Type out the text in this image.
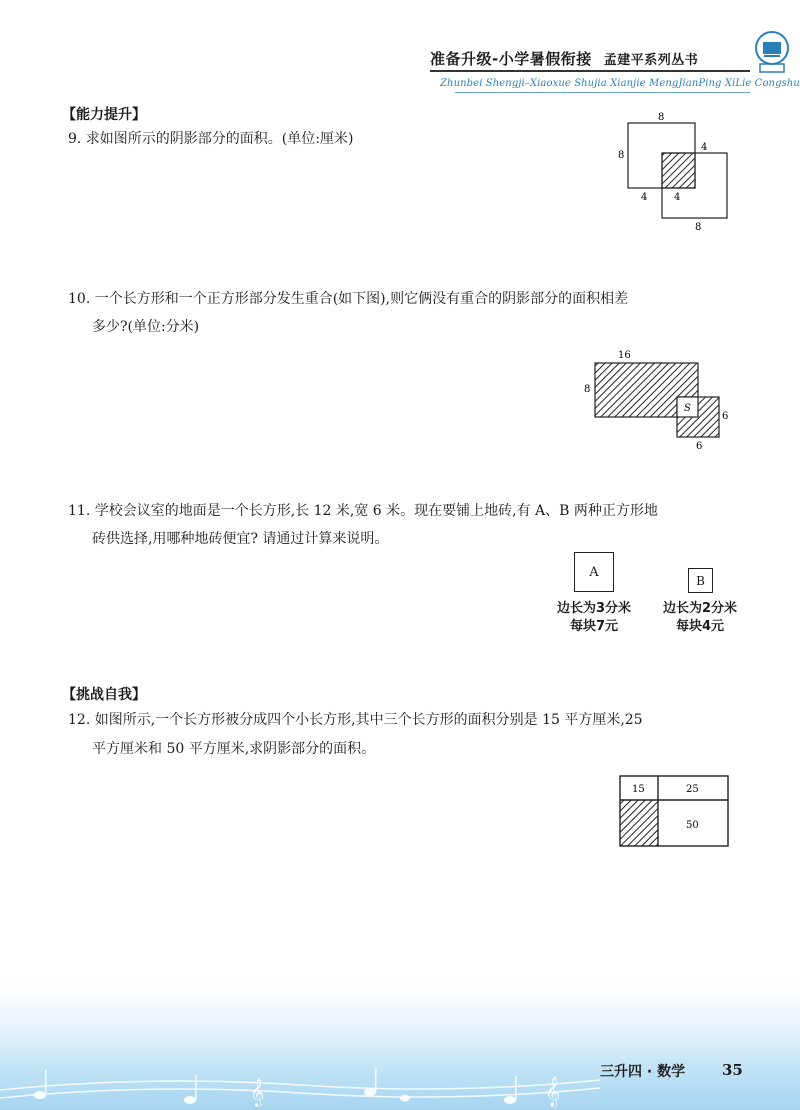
准备升级-小学暑假衔接 孟建平系列丛书
Zhunbei Shengji–Xiaoxue Shujia Xianjie MengJianPing XiLie Congshu
【能力提升】
9. 求如图所示的阴影部分的面积。(单位:厘米)
8
8
4
4	4
8
10. 一个长方形和一个正方形部分发生重合(如下图),则它俩没有重合的阴影部分的面积相差
多少?(单位:分米)
S
16
8
6
6
11. 学校会议室的地面是一个长方形,长 12 米,宽 6 米。现在要铺上地砖,有 A、B 两种正方形地
砖供选择,用哪种地砖便宜? 请通过计算来说明。
A
边长为3分米
每块7元
B
边长为2分米
每块4元
【挑战自我】
12. 如图所示,一个长方形被分成四个小长方形,其中三个长方形的面积分别是 15 平方厘米,25
平方厘米和 50 平方厘米,求阴影部分的面积。
15	25
50
𝄞	𝄞
三升四 · 数学 35
